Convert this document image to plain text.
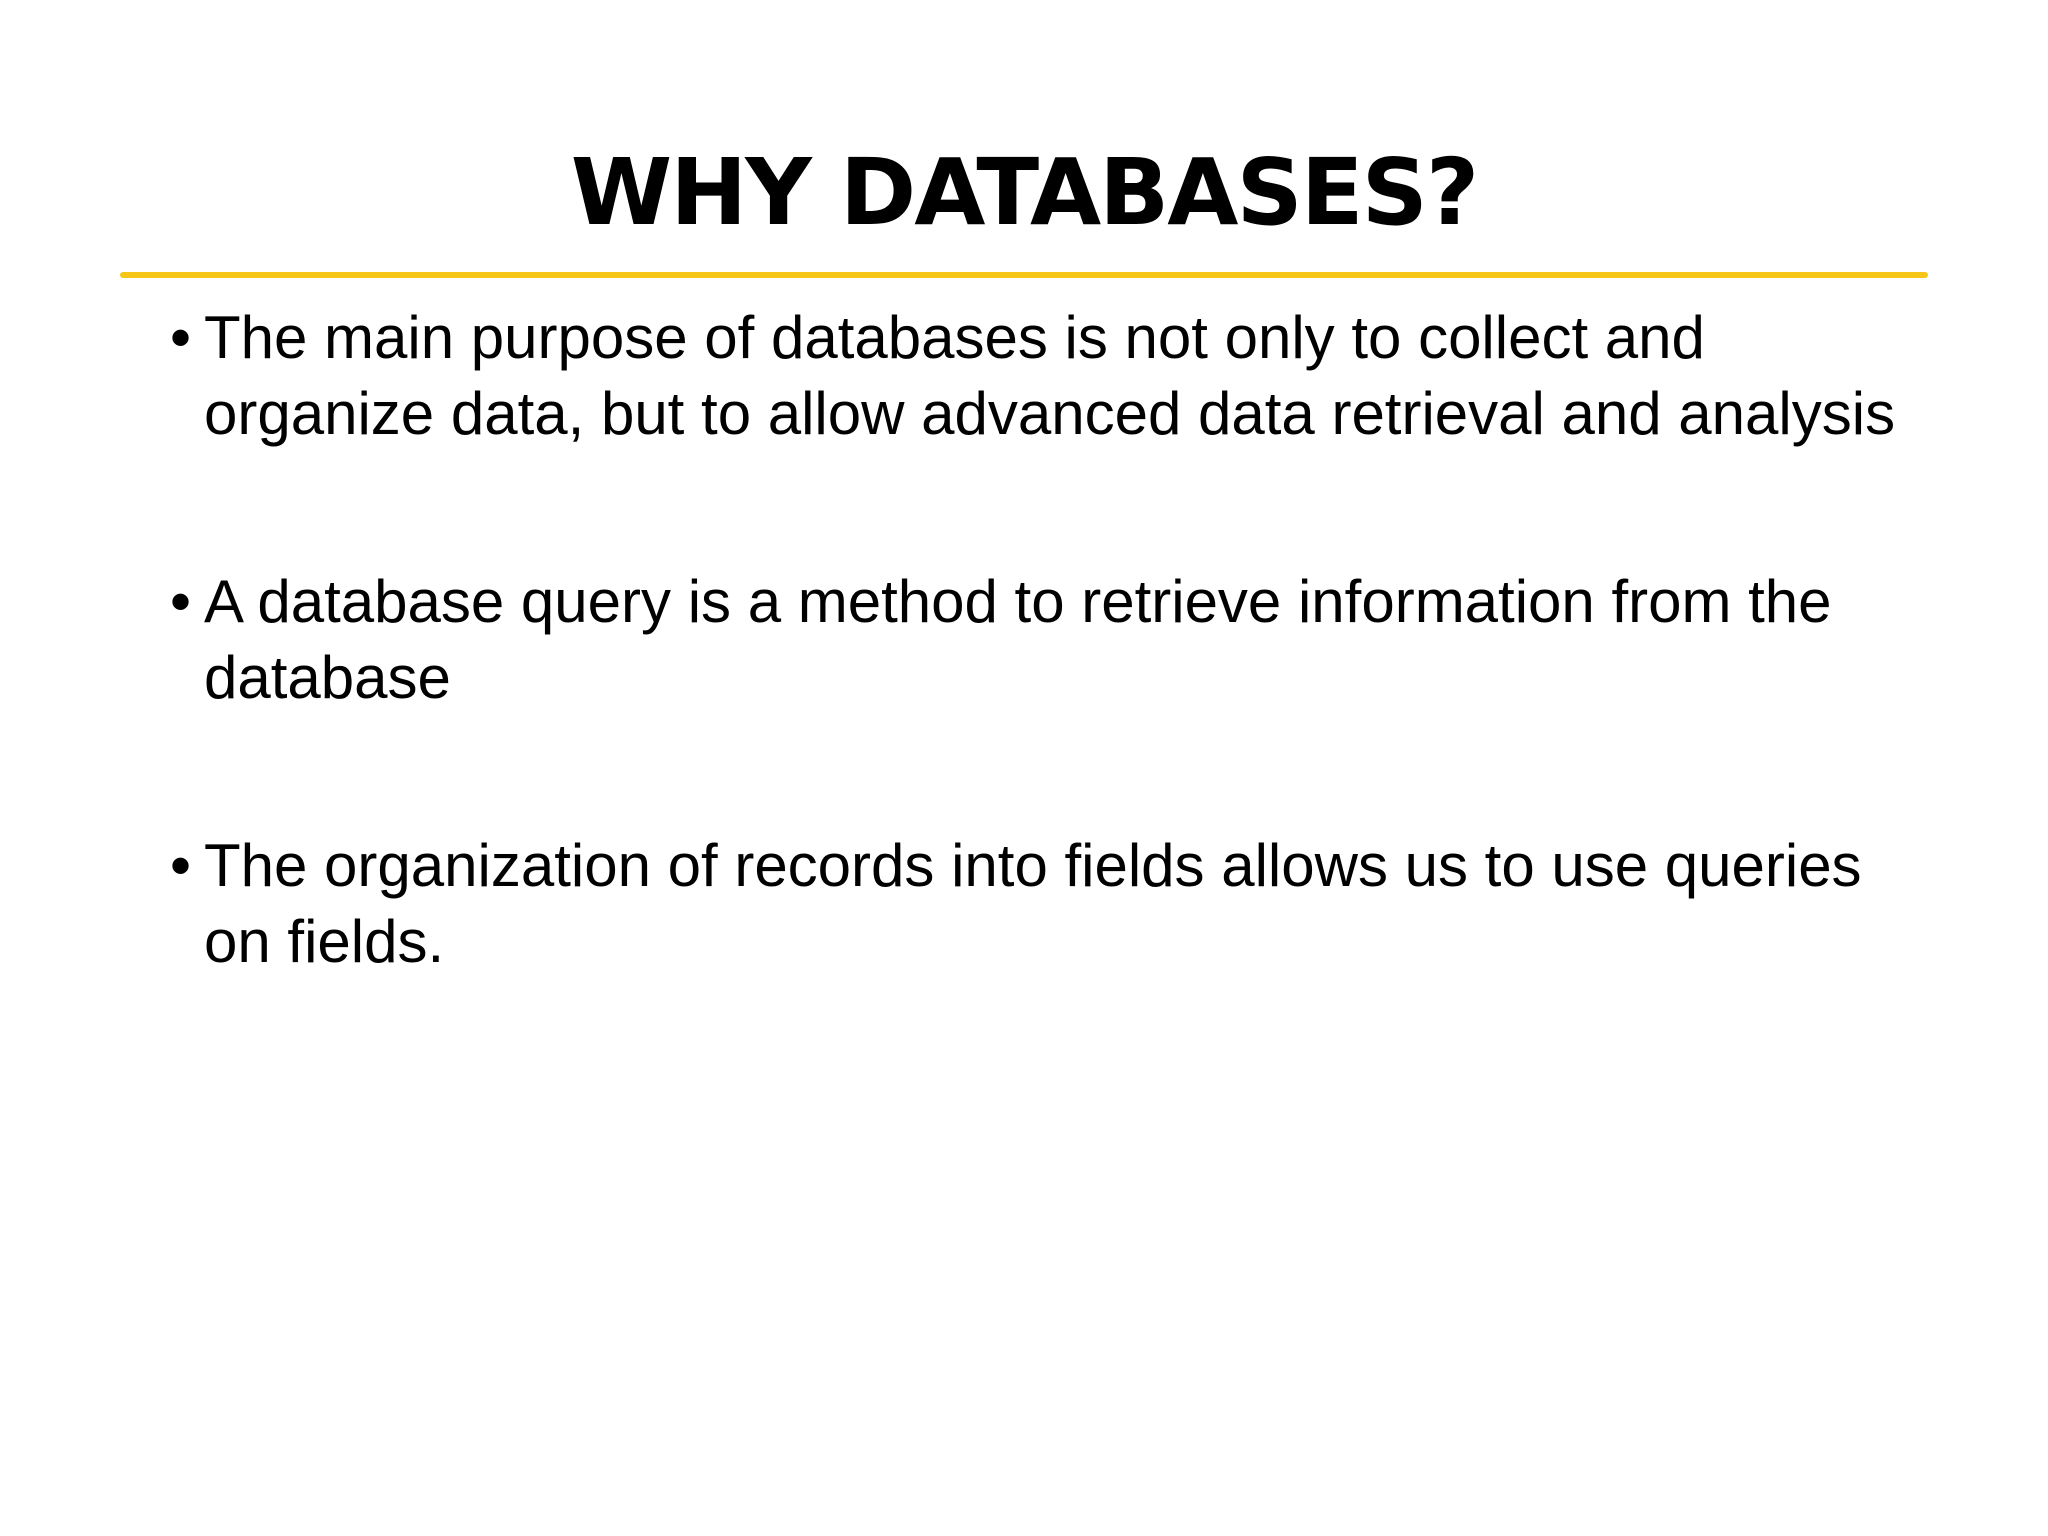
WHY DATABASES?
• The main purpose of databases is not only to collect and organize data, but to allow advanced data retrieval and analysis
• A database query is a method to retrieve information from the database
• The organization of records into fields allows us to use queries on fields.
